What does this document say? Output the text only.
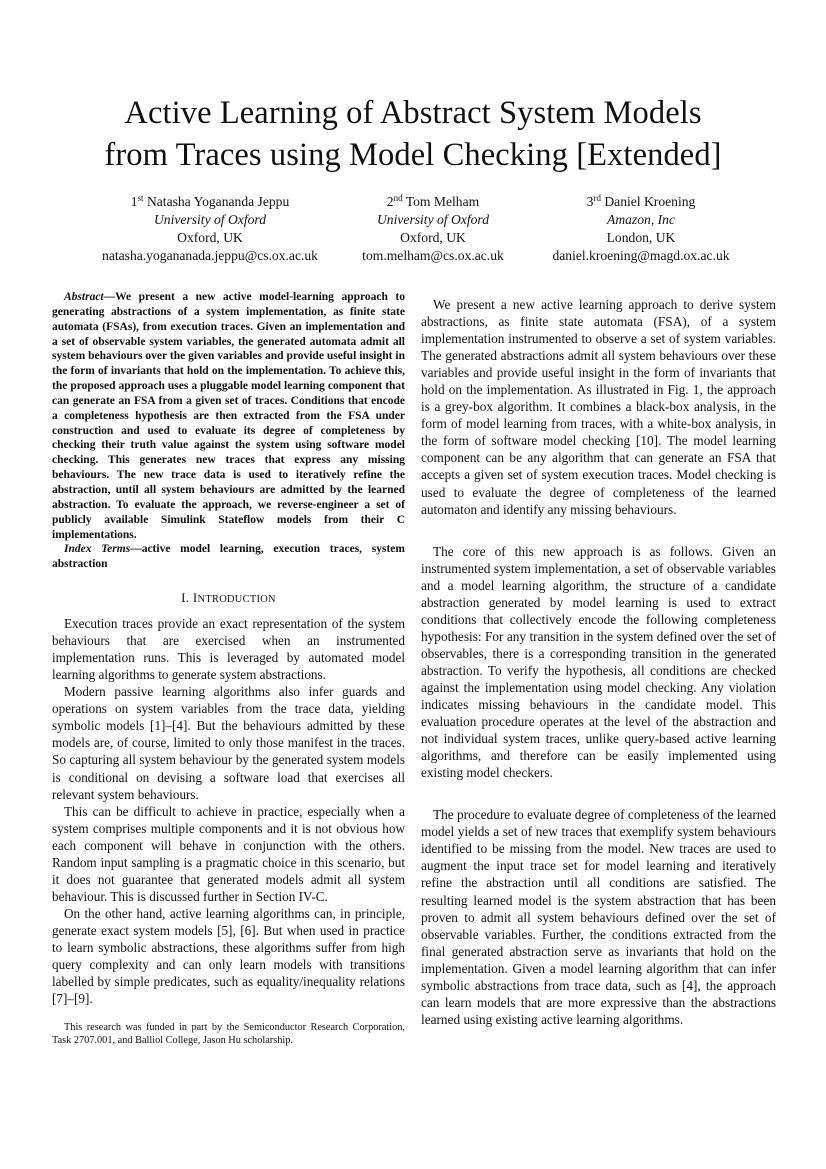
Active Learning of Abstract System Models
from Traces using Model Checking [Extended]
1st Natasha Yogananda Jeppu
University of Oxford
Oxford, UK
natasha.yogananada.jeppu@cs.ox.ac.uk
2nd Tom Melham
University of Oxford
Oxford, UK
tom.melham@cs.ox.ac.uk
3rd Daniel Kroening
Amazon, Inc
London, UK
daniel.kroening@magd.ox.ac.uk

Abstract—We present a new active model-learning approach to generating abstractions of a system implementation, as finite state automata (FSAs), from execution traces. Given an implementation and a set of observable system variables, the generated automata admit all system behaviours over the given variables and provide useful insight in the form of invariants that hold on the implementation. To achieve this, the proposed approach uses a pluggable model learning component that can generate an FSA from a given set of traces. Conditions that encode a completeness hypothesis are then extracted from the FSA under construction and used to evaluate its degree of completeness by checking their truth value against the system using software model checking. This generates new traces that express any missing behaviours. The new trace data is used to iteratively refine the abstraction, until all system behaviours are admitted by the learned abstraction. To evaluate the approach, we reverse-engineer a set of publicly available Simulink Stateflow models from their C implementations.

Index Terms—active model learning, execution traces, system abstraction

I. INTRODUCTION

Execution traces provide an exact representation of the system behaviours that are exercised when an instrumented implementation runs. This is leveraged by automated model learning algorithms to generate system abstractions.

Modern passive learning algorithms also infer guards and operations on system variables from the trace data, yielding symbolic models [1]–[4]. But the behaviours admitted by these models are, of course, limited to only those manifest in the traces. So capturing all system behaviour by the generated system models is conditional on devising a software load that exercises all relevant system behaviours.

This can be difficult to achieve in practice, especially when a system comprises multiple components and it is not obvious how each component will behave in conjunction with the others. Random input sampling is a pragmatic choice in this scenario, but it does not guarantee that generated models admit all system behaviour. This is discussed further in Section IV-C.

On the other hand, active learning algorithms can, in principle, generate exact system models [5], [6]. But when used in practice to learn symbolic abstractions, these algorithms suffer from high query complexity and can only learn models with transitions labelled by simple predicates, such as equality/inequality relations [7]–[9].

This research was funded in part by the Semiconductor Research Corporation, Task 2707.001, and Balliol College, Jason Hu scholarship.

We present a new active learning approach to derive system abstractions, as finite state automata (FSA), of a system implementation instrumented to observe a set of system variables. The generated abstractions admit all system behaviours over these variables and provide useful insight in the form of invariants that hold on the implementation. As illustrated in Fig. 1, the approach is a grey-box algorithm. It combines a black-box analysis, in the form of model learning from traces, with a white-box analysis, in the form of software model checking [10]. The model learning component can be any algorithm that can generate an FSA that accepts a given set of system execution traces. Model checking is used to evaluate the degree of completeness of the learned automaton and identify any missing behaviours.

The core of this new approach is as follows. Given an instrumented system implementation, a set of observable variables and a model learning algorithm, the structure of a candidate abstraction generated by model learning is used to extract conditions that collectively encode the following completeness hypothesis: For any transition in the system defined over the set of observables, there is a corresponding transition in the generated abstraction. To verify the hypothesis, all conditions are checked against the implementation using model checking. Any violation indicates missing behaviours in the candidate model. This evaluation procedure operates at the level of the abstraction and not individual system traces, unlike query-based active learning algorithms, and therefore can be easily implemented using existing model checkers.

The procedure to evaluate degree of completeness of the learned model yields a set of new traces that exemplify system behaviours identified to be missing from the model. New traces are used to augment the input trace set for model learning and iteratively refine the abstraction until all conditions are satisfied. The resulting learned model is the system abstraction that has been proven to admit all system behaviours defined over the set of observable variables. Further, the conditions extracted from the final generated abstraction serve as invariants that hold on the implementation. Given a model learning algorithm that can infer symbolic abstractions from trace data, such as [4], the approach can learn models that are more expressive than the abstractions learned using existing active learning algorithms.
